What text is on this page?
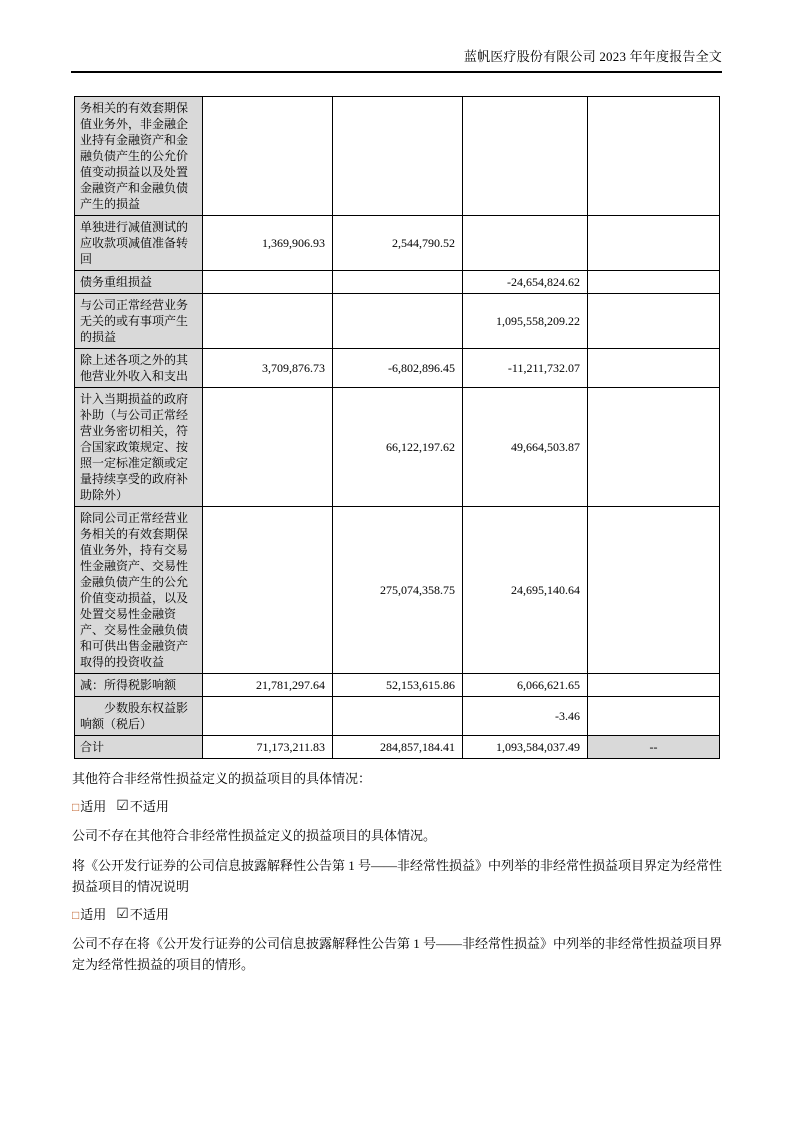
蓝帆医疗股份有限公司 2023 年年度报告全文
务相关的有效套期保值业务外，非金融企业持有金融资产和金融负债产生的公允价值变动损益以及处置金融资产和金融负债产生的损益				
单独进行减值测试的应收款项减值准备转回	1,369,906.93	2,544,790.52		
债务重组损益			-24,654,824.62	
与公司正常经营业务无关的或有事项产生的损益			1,095,558,209.22	
除上述各项之外的其他营业外收入和支出	3,709,876.73	-6,802,896.45	-11,211,732.07	
计入当期损益的政府补助（与公司正常经营业务密切相关，符合国家政策规定、按照一定标准定额或定量持续享受的政府补助除外）		66,122,197.62	49,664,503.87	
除同公司正常经营业务相关的有效套期保值业务外，持有交易性金融资产、交易性金融负债产生的公允价值变动损益，以及处置交易性金融资产、交易性金融负债和可供出售金融资产取得的投资收益		275,074,358.75	24,695,140.64	
减：所得税影响额	21,781,297.64	52,153,615.86	6,066,621.65	
少数股东权益影响额（税后）			-3.46	
合计	71,173,211.83	284,857,184.41	1,093,584,037.49	--

其他符合非经常性损益定义的损益项目的具体情况：

□ 适用 ☑ 不适用

公司不存在其他符合非经常性损益定义的损益项目的具体情况。

将《公开发行证券的公司信息披露解释性公告第 1 号——非经常性损益》中列举的非经常性损益项目界定为经常性损益项目的情况说明

□ 适用 ☑ 不适用

公司不存在将《公开发行证券的公司信息披露解释性公告第 1 号——非经常性损益》中列举的非经常性损益项目界定为经常性损益的项目的情形。
